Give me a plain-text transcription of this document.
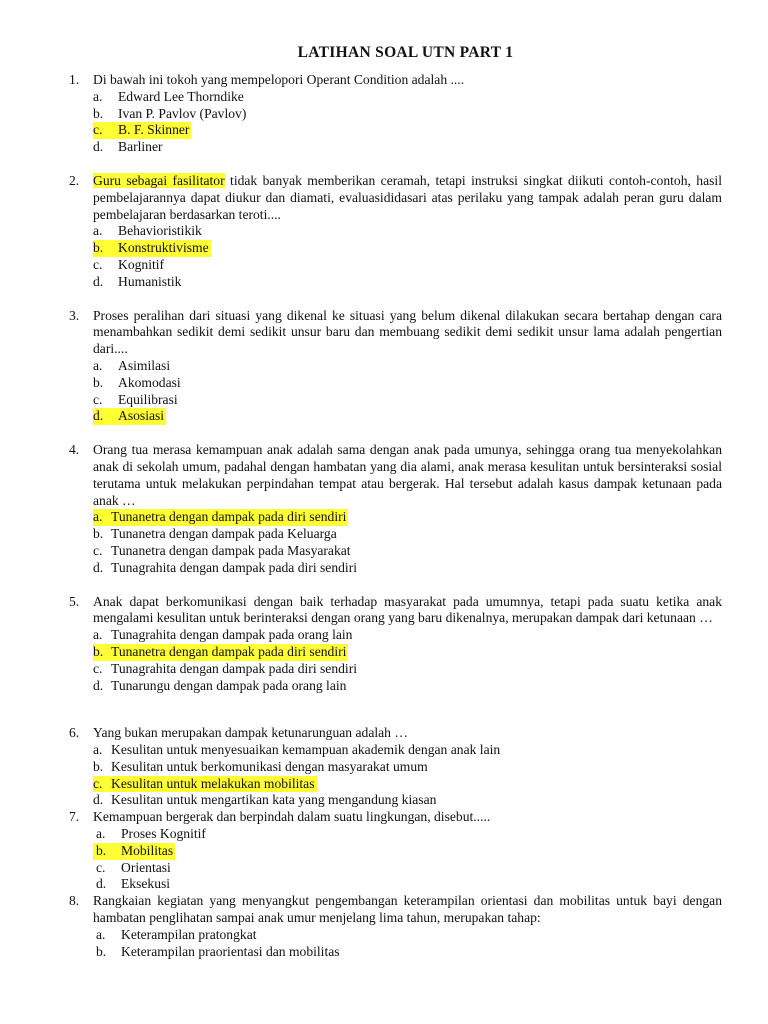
LATIHAN SOAL UTN PART 1
1. Di bawah ini tokoh yang mempelopori Operant Condition adalah ....
a. Edward Lee Thorndike
b. Ivan P. Pavlov (Pavlov)
c. B. F. Skinner
d. Barliner
2. Guru sebagai fasilitator tidak banyak memberikan ceramah, tetapi instruksi singkat diikuti contoh-contoh, hasil pembelajarannya dapat diukur dan diamati, evaluasididasari atas perilaku yang tampak adalah peran guru dalam pembelajaran berdasarkan teroti....
a. Behavioristikik
b. Konstruktivisme
c. Kognitif
d. Humanistik
3. Proses peralihan dari situasi yang dikenal ke situasi yang belum dikenal dilakukan secara bertahap dengan cara menambahkan sedikit demi sedikit unsur baru dan membuang sedikit demi sedikit unsur lama adalah pengertian dari....
a. Asimilasi
b. Akomodasi
c. Equilibrasi
d. Asosiasi
4. Orang tua merasa kemampuan anak adalah sama dengan anak pada umunya, sehingga orang tua menyekolahkan anak di sekolah umum, padahal dengan hambatan yang dia alami, anak merasa kesulitan untuk bersinteraksi sosial terutama untuk melakukan perpindahan tempat atau bergerak. Hal tersebut adalah kasus dampak ketunaan pada anak …
a. Tunanetra dengan dampak pada diri sendiri
b. Tunanetra dengan dampak pada Keluarga
c. Tunanetra dengan dampak pada Masyarakat
d. Tunagrahita dengan dampak pada diri sendiri
5. Anak dapat berkomunikasi dengan baik terhadap masyarakat pada umumnya, tetapi pada suatu ketika anak mengalami kesulitan untuk berinteraksi dengan orang yang baru dikenalnya, merupakan dampak dari ketunaan …
a. Tunagrahita dengan dampak pada orang lain
b. Tunanetra dengan dampak pada diri sendiri
c. Tunagrahita dengan dampak pada diri sendiri
d. Tunarungu dengan dampak pada orang lain
6. Yang bukan merupakan dampak ketunarunguan adalah …
a. Kesulitan untuk menyesuaikan kemampuan akademik dengan anak lain
b. Kesulitan untuk berkomunikasi dengan masyarakat umum
c. Kesulitan untuk melakukan mobilitas
d. Kesulitan untuk mengartikan kata yang mengandung kiasan
7. Kemampuan bergerak dan berpindah dalam suatu lingkungan, disebut.....
a. Proses Kognitif
b. Mobilitas
c. Orientasi
d. Eksekusi
8. Rangkaian kegiatan yang menyangkut pengembangan keterampilan orientasi dan mobilitas untuk bayi dengan hambatan penglihatan sampai anak umur menjelang lima tahun, merupakan tahap:
a. Keterampilan pratongkat
b. Keterampilan praorientasi dan mobilitas
